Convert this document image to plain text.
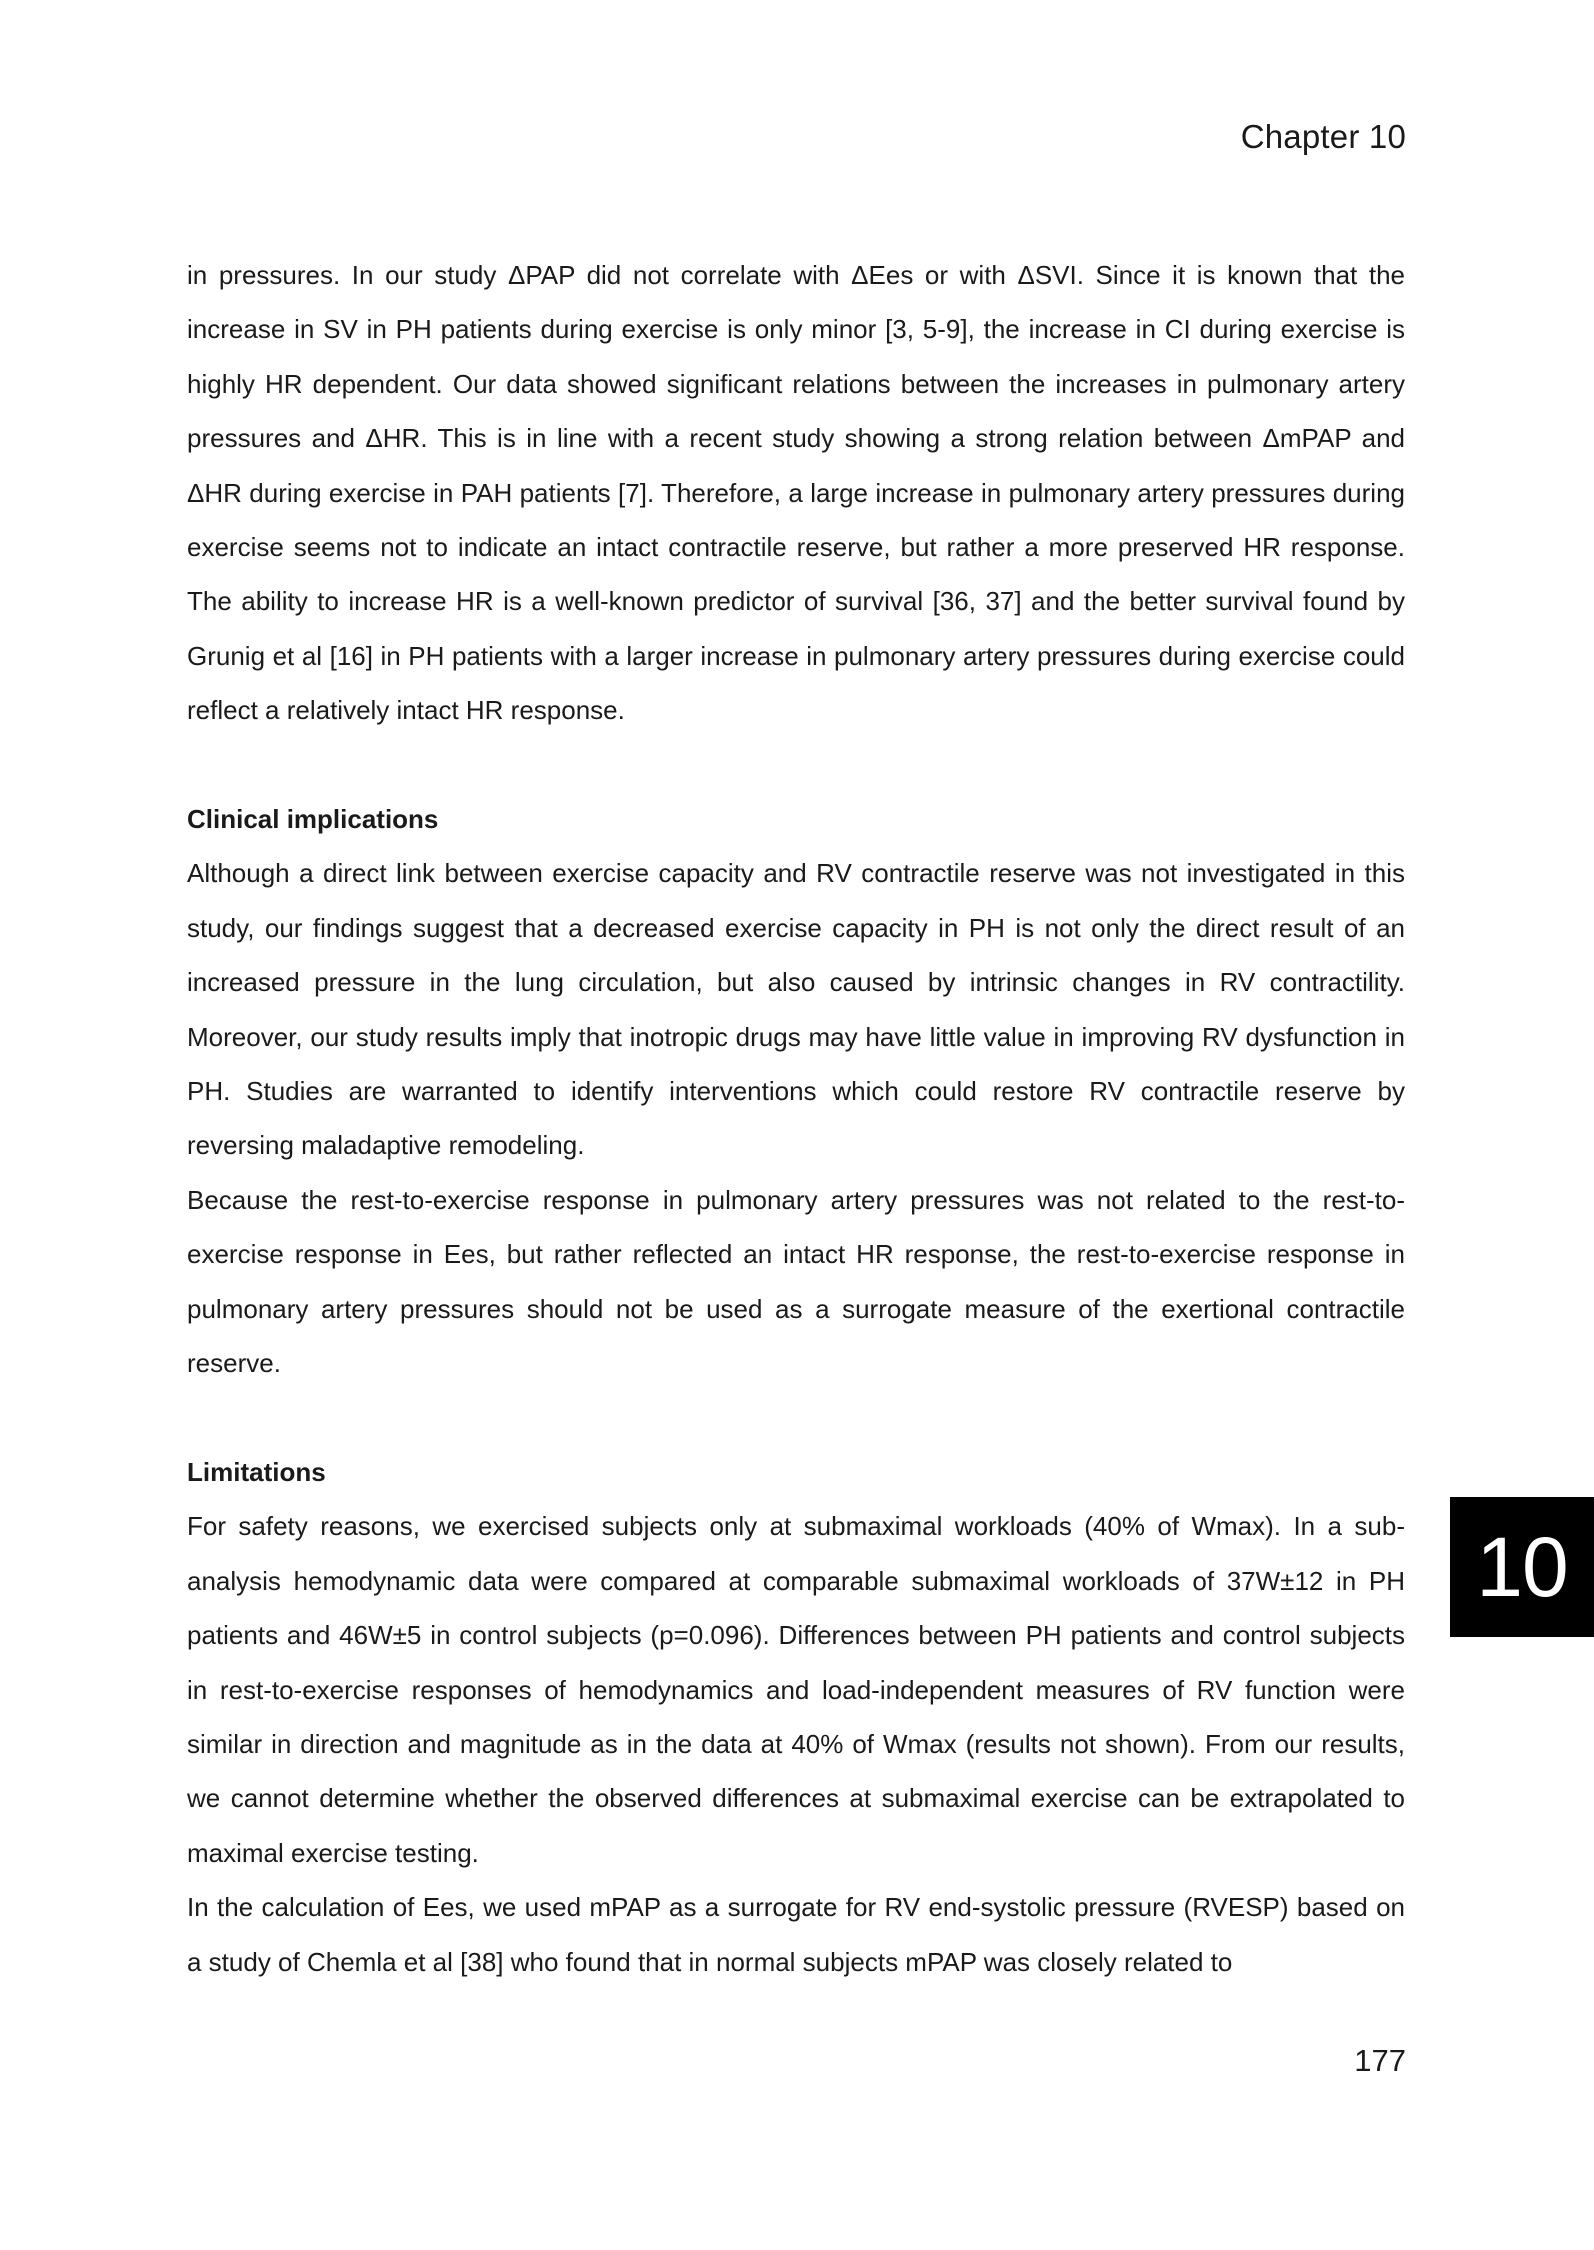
Chapter 10

in pressures. In our study ΔPAP did not correlate with ΔEes or with ΔSVI. Since it is known that the increase in SV in PH patients during exercise is only minor [3, 5-9], the increase in CI during exercise is highly HR dependent. Our data showed significant relations between the increases in pulmonary artery pressures and ΔHR. This is in line with a recent study showing a strong relation between ΔmPAP and ΔHR during exercise in PAH patients [7]. Therefore, a large increase in pulmonary artery pressures during exercise seems not to indicate an intact contractile reserve, but rather a more preserved HR response. The ability to increase HR is a well-known predictor of survival [36, 37] and the better survival found by Grunig et al [16] in PH patients with a larger increase in pulmonary artery pressures during exercise could reflect a relatively intact HR response.

Clinical implications

Although a direct link between exercise capacity and RV contractile reserve was not investigated in this study, our findings suggest that a decreased exercise capacity in PH is not only the direct result of an increased pressure in the lung circulation, but also caused by intrinsic changes in RV contractility. Moreover, our study results imply that inotropic drugs may have little value in improving RV dysfunction in PH. Studies are warranted to identify interventions which could restore RV contractile reserve by reversing maladaptive remodeling.

Because the rest-to-exercise response in pulmonary artery pressures was not related to the rest-to-exercise response in Ees, but rather reflected an intact HR response, the rest-to-exercise response in pulmonary artery pressures should not be used as a surrogate measure of the exertional contractile reserve.

Limitations

For safety reasons, we exercised subjects only at submaximal workloads (40% of Wmax). In a sub-analysis hemodynamic data were compared at comparable submaximal workloads of 37W±12 in PH patients and 46W±5 in control subjects (p=0.096). Differences between PH patients and control subjects in rest-to-exercise responses of hemodynamics and load-independent measures of RV function were similar in direction and magnitude as in the data at 40% of Wmax (results not shown). From our results, we cannot determine whether the observed differences at submaximal exercise can be extrapolated to maximal exercise testing.

In the calculation of Ees, we used mPAP as a surrogate for RV end-systolic pressure (RVESP) based on a study of Chemla et al [38] who found that in normal subjects mPAP was closely related to

10
177
